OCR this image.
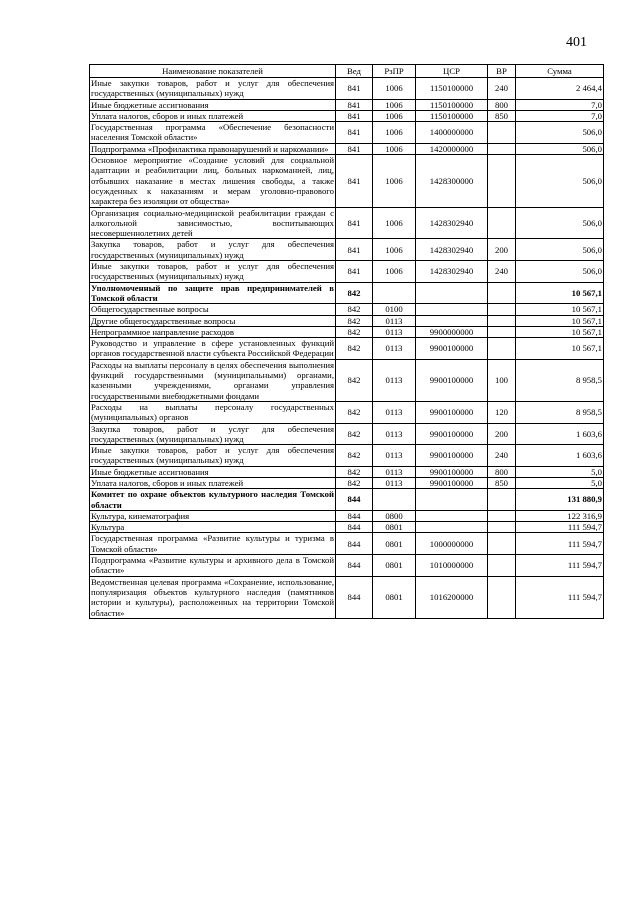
401
Наименование показателей	Вед	РзПР	ЦСР	ВР	Сумма
Иные закупки товаров, работ и услуг для обеспечения государственных (муниципальных) нужд	841	1006	1150100000	240	2 464,4
Иные бюджетные ассигнования	841	1006	1150100000	800	7,0
Уплата налогов, сборов и иных платежей	841	1006	1150100000	850	7,0
Государственная программа «Обеспечение безопасности населения Томской области»	841	1006	1400000000		506,0
Подпрограмма «Профилактика правонарушений и наркомании»	841	1006	1420000000		506,0
Основное мероприятие «Создание условий для социальной адаптации и реабилитации лиц, больных наркоманией, лиц, отбывших наказание в местах лишения свободы, а также осужденных к наказаниям и мерам уголовно-правового характера без изоляции от общества»	841	1006	1428300000		506,0
Организация социально-медицинской реабилитации граждан с алкогольной зависимостью, воспитывающих несовершеннолетних детей	841	1006	1428302940		506,0
Закупка товаров, работ и услуг для обеспечения государственных (муниципальных) нужд	841	1006	1428302940	200	506,0
Иные закупки товаров, работ и услуг для обеспечения государственных (муниципальных) нужд	841	1006	1428302940	240	506,0
Уполномоченный по защите прав предпринимателей в Томской области	842				10 567,1
Общегосударственные вопросы	842	0100			10 567,1
Другие общегосударственные вопросы	842	0113			10 567,1
Непрограммное направление расходов	842	0113	9900000000		10 567,1
Руководство и управление в сфере установленных функций органов государственной власти субъекта Российской Федерации	842	0113	9900100000		10 567,1
Расходы на выплаты персоналу в целях обеспечения выполнения функций государственными (муниципальными) органами, казенными учреждениями, органами управления государственными внебюджетными фондами	842	0113	9900100000	100	8 958,5
Расходы на выплаты персоналу государственных (муниципальных) органов	842	0113	9900100000	120	8 958,5
Закупка товаров, работ и услуг для обеспечения государственных (муниципальных) нужд	842	0113	9900100000	200	1 603,6
Иные закупки товаров, работ и услуг для обеспечения государственных (муниципальных) нужд	842	0113	9900100000	240	1 603,6
Иные бюджетные ассигнования	842	0113	9900100000	800	5,0
Уплата налогов, сборов и иных платежей	842	0113	9900100000	850	5,0
Комитет по охране объектов культурного наследия Томской области	844				131 880,9
Культура, кинематография	844	0800			122 316,9
Культура	844	0801			111 594,7
Государственная программа «Развитие культуры и туризма в Томской области»	844	0801	1000000000		111 594,7
Подпрограмма «Развитие культуры и архивного дела в Томской области»	844	0801	1010000000		111 594,7
Ведомственная целевая программа «Сохранение, использование, популяризация объектов культурного наследия (памятников истории и культуры), расположенных на территории Томской области»	844	0801	1016200000		111 594,7
